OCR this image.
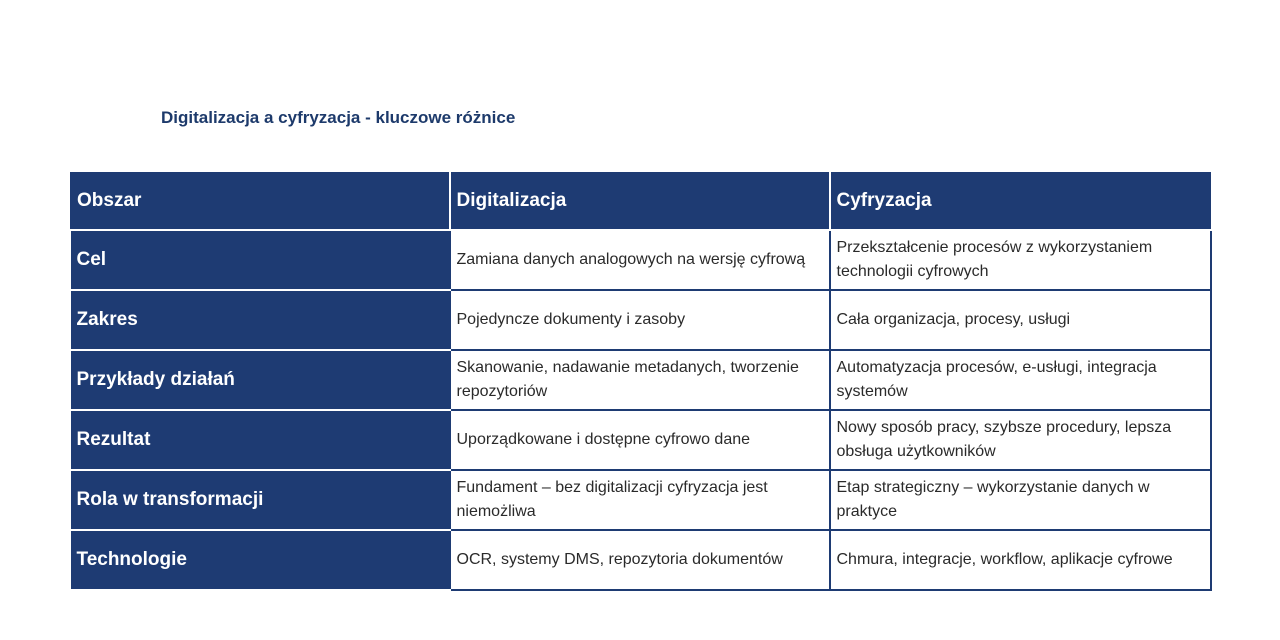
Digitalizacja a cyfryzacja - kluczowe różnice
Obszar	Digitalizacja	Cyfryzacja
Cel	Zamiana danych analogowych na wersję cyfrową	Przekształcenie procesów z wykorzystaniem technologii cyfrowych
Zakres	Pojedyncze dokumenty i zasoby	Cała organizacja, procesy, usługi
Przykłady działań	Skanowanie, nadawanie metadanych, tworzenie repozytoriów	Automatyzacja procesów, e-usługi, integracja systemów
Rezultat	Uporządkowane i dostępne cyfrowo dane	Nowy sposób pracy, szybsze procedury, lepsza obsługa użytkowników
Rola w transformacji	Fundament – bez digitalizacji cyfryzacja jest niemożliwa	Etap strategiczny – wykorzystanie danych w praktyce
Technologie	OCR, systemy DMS, repozytoria dokumentów	Chmura, integracje, workflow, aplikacje cyfrowe
